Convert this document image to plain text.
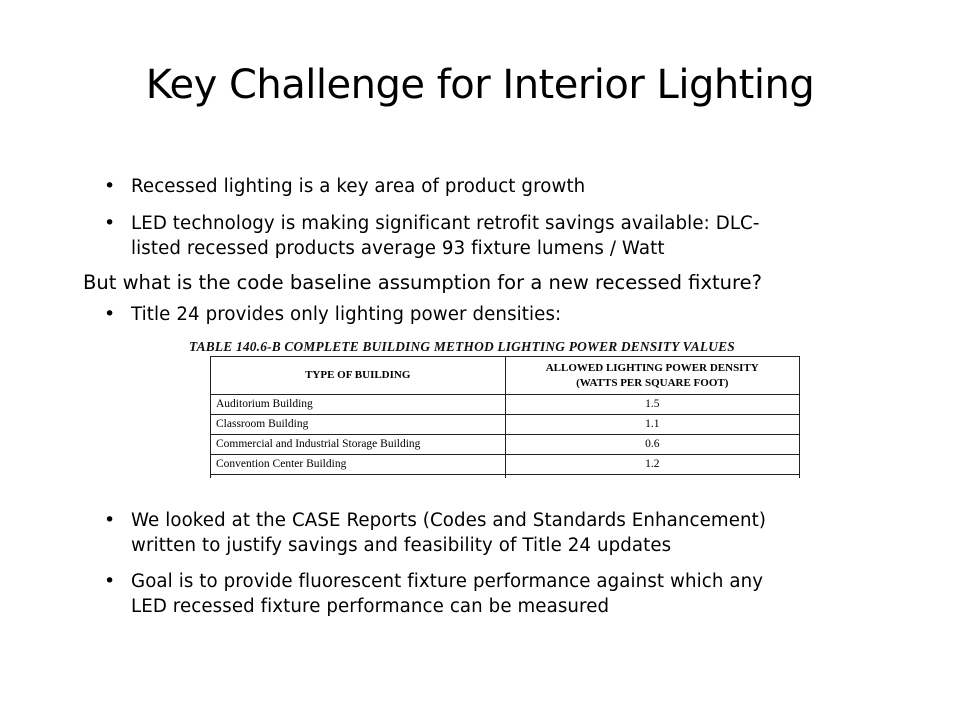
Key Challenge for Interior Lighting
• Recessed lighting is a key area of product growth
• LED technology is making significant retrofit savings available: DLC-
listed recessed products average 93 fixture lumens / Watt
But what is the code baseline assumption for a new recessed fixture?
• Title 24 provides only lighting power densities:
TABLE 140.6-B COMPLETE BUILDING METHOD LIGHTING POWER DENSITY VALUES
TYPE OF BUILDING	ALLOWED LIGHTING POWER DENSITY
(WATTS PER SQUARE FOOT)

Auditorium Building	1.5
Classroom Building	1.1
Commercial and Industrial Storage Building	0.6
Convention Center Building	1.2

• We looked at the CASE Reports (Codes and Standards Enhancement)
written to justify savings and feasibility of Title 24 updates
• Goal is to provide fluorescent fixture performance against which any
LED recessed fixture performance can be measured
